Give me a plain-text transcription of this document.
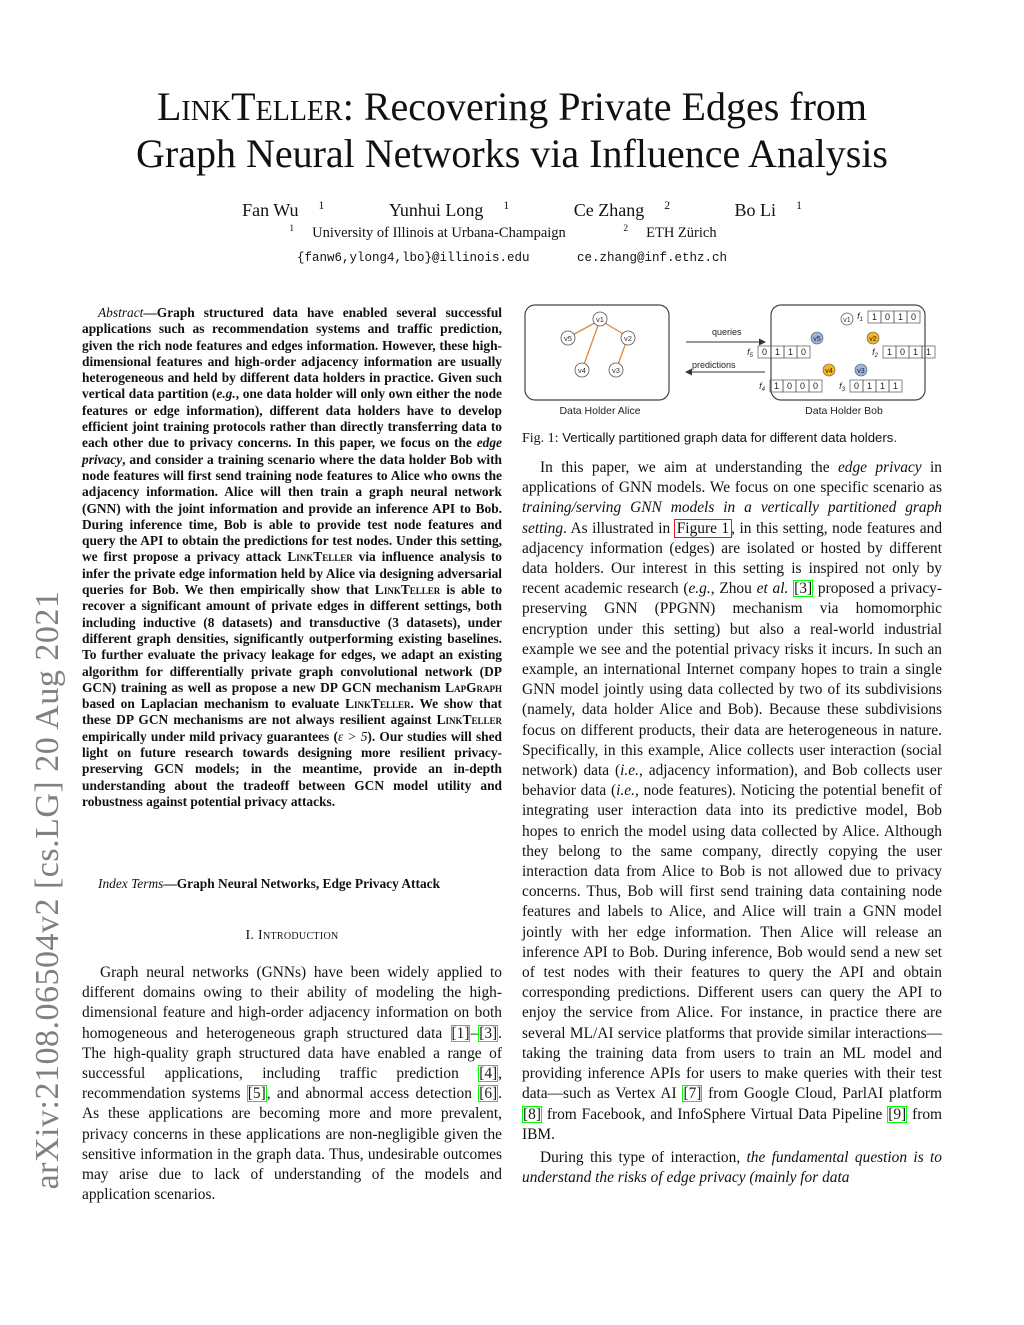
arXiv:2108.06504v2 [cs.LG] 20 Aug 2021
LinkTeller: Recovering Private Edges from
Graph Neural Networks via Influence Analysis
Fan Wu $^1$	Yunhui Long $^1$	Ce Zhang $^2$	Bo Li $^1$
$^1$ University of Illinois at Urbana-Champaign	$^2$ ETH Zürich
{fanw6,ylong4,lbo}@illinois.edu	ce.zhang@inf.ethz.ch
Abstract—Graph structured data have enabled several successful applications such as recommendation systems and traffic prediction, given the rich node features and edges information. However, these high-dimensional features and high-order adjacency information are usually heterogeneous and held by different data holders in practice. Given such vertical data partition (e.g., one data holder will only own either the node features or edge information), different data holders have to develop efficient joint training protocols rather than directly transferring data to each other due to privacy concerns. In this paper, we focus on the edge privacy, and consider a training scenario where the data holder Bob with node features will first send training node features to Alice who owns the adjacency information. Alice will then train a graph neural network (GNN) with the joint information and provide an inference API to Bob. During inference time, Bob is able to provide test node features and query the API to obtain the predictions for test nodes. Under this setting, we first propose a privacy attack LinkTeller via influence analysis to infer the private edge information held by Alice via designing adversarial queries for Bob. We then empirically show that LinkTeller is able to recover a significant amount of private edges in different settings, both including inductive (8 datasets) and transductive (3 datasets), under different graph densities, significantly outperforming existing baselines. To further evaluate the privacy leakage for edges, we adapt an existing algorithm for differentially private graph convolutional network (DP GCN) training as well as propose a new DP GCN mechanism LapGraph based on Laplacian mechanism to evaluate LinkTeller. We show that these DP GCN mechanisms are not always resilient against LinkTeller empirically under mild privacy guarantees (ε > 5). Our studies will shed light on future research towards designing more resilient privacy-preserving GCN models; in the meantime, provide an in-depth understanding about the tradeoff between GCN model utility and robustness against potential privacy attacks.
Index Terms—Graph Neural Networks, Edge Privacy Attack
I. Introduction
Graph neural networks (GNNs) have been widely applied to different domains owing to their ability of modeling the high-dimensional feature and high-order adjacency information on both homogeneous and heterogeneous graph structured data [1]–[3]. The high-quality graph structured data have enabled a range of successful applications, including traffic prediction [4], recommendation systems [5], and abnormal access detection [6]. As these applications are becoming more and more prevalent, privacy concerns in these applications are non-negligible given the sensitive information in the graph data. Thus, undesirable outcomes may arise due to lack of understanding of the models and application scenarios.
v1
v5	v2
v4	v3
Data Holder Alice
queries
predictions
Data Holder Bob
v1
v5	v2
v4	v3
$f_1$ 1 0 1 0
$f_2$ 1 0 1 1
$f_5$ 0 1 1 0
$f_4$ 1 0 0 0 $f_3$ 0 1 1 1
Fig. 1: Vertically partitioned graph data for different data holders.

In this paper, we aim at understanding the edge privacy in applications of GNN models. We focus on one specific scenario as training/serving GNN models in a vertically partitioned graph setting. As illustrated in Figure 1 , in this setting, node features and adjacency information (edges) are isolated or hosted by different data holders. Our interest in this setting is inspired not only by recent academic research (e.g., Zhou et al. [3] proposed a privacy-preserving GNN (PPGNN) mechanism via homomorphic encryption under this setting) but also a real-world industrial example we see and the potential privacy risks it incurs. In such an example, an international Internet company hopes to train a single GNN model jointly using data collected by two of its subdivisions (namely, data holder Alice and Bob). Because these subdivisions focus on different products, their data are heterogeneous in nature. Specifically, in this example, Alice collects user interaction (social network) data (i.e., adjacency information), and Bob collects user behavior data (i.e., node features). Noticing the potential benefit of integrating user interaction data into its predictive model, Bob hopes to enrich the model using data collected by Alice. Although they belong to the same company, directly copying the user interaction data from Alice to Bob is not allowed due to privacy concerns. Thus, Bob will first send training data containing node features and labels to Alice, and Alice will train a GNN model jointly with her edge information. Then Alice will release an inference API to Bob. During inference, Bob would send a new set of test nodes with their features to query the API and obtain corresponding predictions. Different users can query the API to enjoy the service from Alice. For instance, in practice there are several ML/AI service platforms that provide similar interactions—taking the training data from users to train an ML model and providing inference APIs for users to make queries with their test data—such as Vertex AI [7] from Google Cloud, ParlAI platform [8] from Facebook, and InfoSphere Virtual Data Pipeline [9] from IBM.

During this type of interaction, the fundamental question is to understand the risks of edge privacy (mainly for data
